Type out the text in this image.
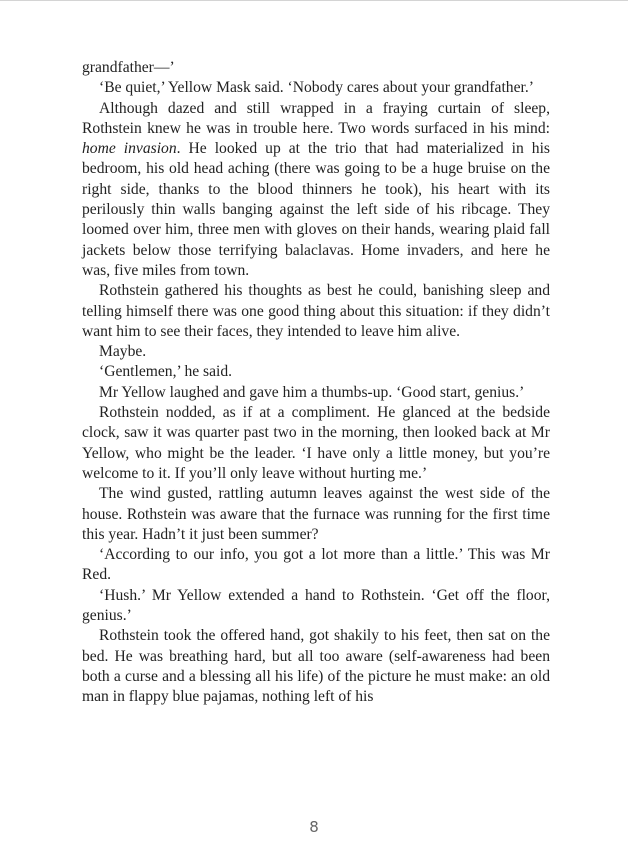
grandfather—’

‘Be quiet,’ Yellow Mask said. ‘Nobody cares about your grandfather.’

Although dazed and still wrapped in a fraying curtain of sleep, Rothstein knew he was in trouble here. Two words surfaced in his mind: home invasion. He looked up at the trio that had materialized in his bedroom, his old head aching (there was going to be a huge bruise on the right side, thanks to the blood thinners he took), his heart with its perilously thin walls banging against the left side of his ribcage. They loomed over him, three men with gloves on their hands, wearing plaid fall jackets below those terrifying balaclavas. Home invaders, and here he was, five miles from town.

Rothstein gathered his thoughts as best he could, banishing sleep and telling himself there was one good thing about this situation: if they didn’t want him to see their faces, they intended to leave him alive.

Maybe.

‘Gentlemen,’ he said.

Mr Yellow laughed and gave him a thumbs-up. ‘Good start, genius.’

Rothstein nodded, as if at a compliment. He glanced at the bedside clock, saw it was quarter past two in the morning, then looked back at Mr Yellow, who might be the leader. ‘I have only a little money, but you’re welcome to it. If you’ll only leave without hurting me.’

The wind gusted, rattling autumn leaves against the west side of the house. Rothstein was aware that the furnace was running for the first time this year. Hadn’t it just been summer?

‘According to our info, you got a lot more than a little.’ This was Mr Red.

‘Hush.’ Mr Yellow extended a hand to Rothstein. ‘Get off the floor, genius.’

Rothstein took the offered hand, got shakily to his feet, then sat on the bed. He was breathing hard, but all too aware (self-awareness had been both a curse and a blessing all his life) of the picture he must make: an old man in flappy blue pajamas, nothing left of his

8
